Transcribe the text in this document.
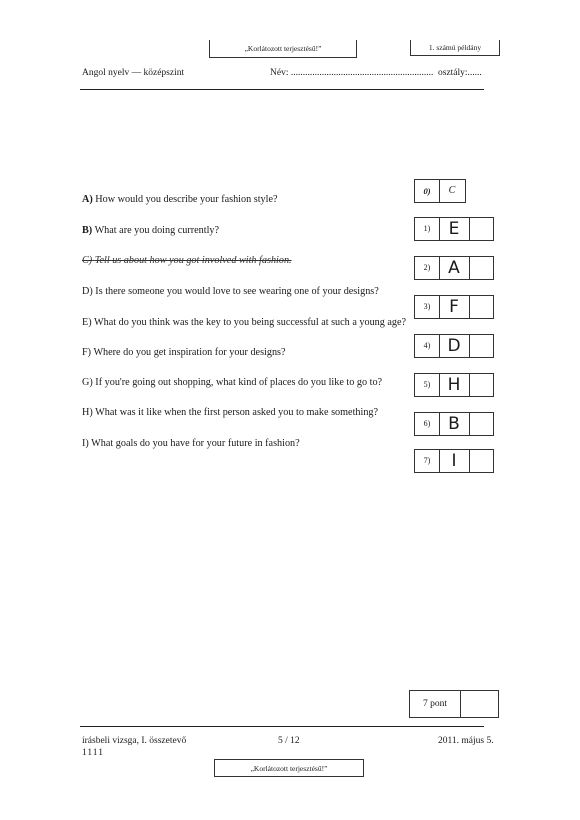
„Korlátozott terjesztésű!”	1. számú példány
Angol nyelv — középszint	Név: ............................................................ osztály:......
A) How would you describe your fashion style?
B) What are you doing currently?
C) Tell us about how you got involved with fashion.
D) Is there someone you would love to see wearing one of your designs?
E) What do you think was the key to you being successful at such a young age?
F) Where do you get inspiration for your designs?
G) If you're going out shopping, what kind of places do you like to go to?
H) What was it like when the first person asked you to make something?
I) What goals do you have for your future in fashion?
0)	C
1)	E
2)	A
3)	F
4)	D
5)	H
6)	B
7)	I
7 pont
írásbeli vizsga, I. összetevő
1111
5 / 12	2011. május 5.
„Korlátozott terjesztésű!”
